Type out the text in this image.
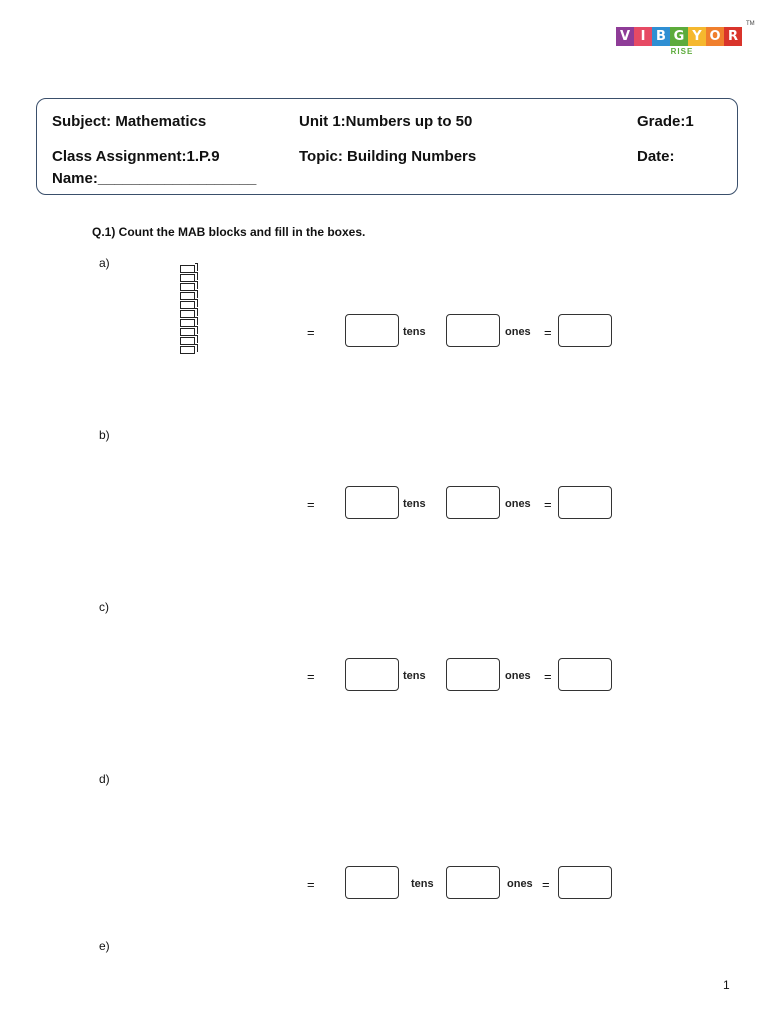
V I B G Y O R
RISE
TM
Subject: Mathematics	Unit 1:Numbers up to 50	Grade:1
Class Assignment:1.P.9	Topic: Building Numbers	Date:
Name:___________________
Q.1) Count the MAB blocks and fill in the boxes.
a)
b)
c)
d)
e)
=	tens	ones =
=	tens	ones =
=	tens	ones =
=	tens	ones =
1
